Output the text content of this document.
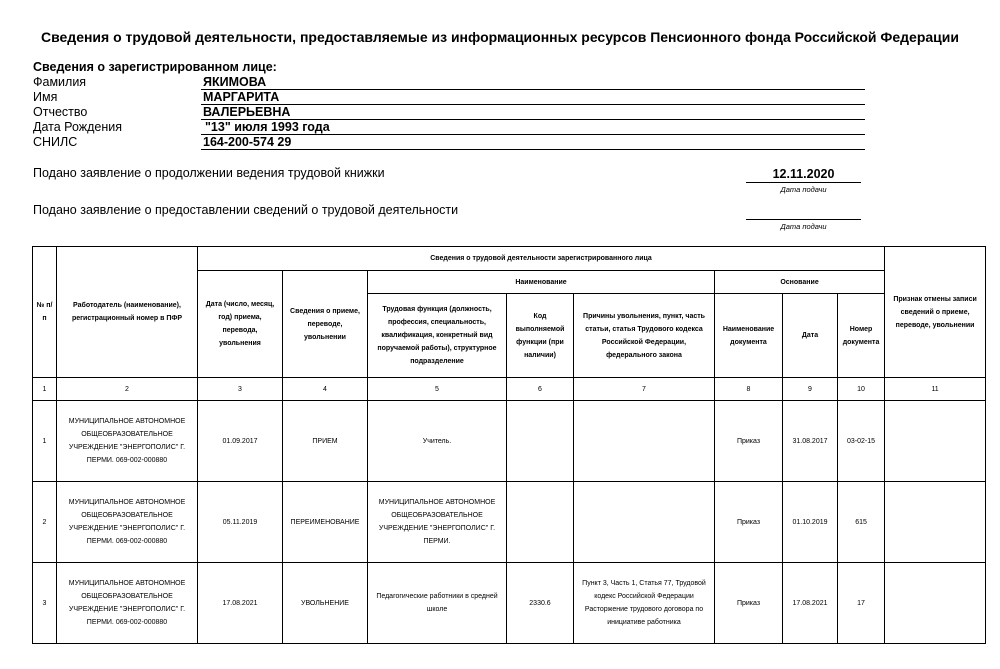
Сведения о трудовой деятельности, предоставляемые из информационных ресурсов Пенсионного фонда Российской Федерации
Сведения о зарегистрированном лице:
Фамилия	ЯКИМОВА
Имя	МАРГАРИТА
Отчество	ВАЛЕРЬЕВНА
Дата Рождения	"13" июля 1993 года
СНИЛС	164-200-574 29
Подано заявление о продолжении ведения трудовой книжки	12.11.2020
Дата подачи
Подано заявление о предоставлении сведений о трудовой деятельности
Дата подачи
№ п/п	Работодатель (наименование), регистрационный номер в ПФР	Сведения о трудовой деятельности зарегистрированного лица								Признак отмены записи сведений о приеме, переводе, увольнении
		Дата (число, месяц, год) приема, перевода, увольнения	Сведения о приеме, переводе, увольнении	Наименование			Основание			
				Трудовая функция (должность, профессия, специальность, квалификация, конкретный вид поручаемой работы), структурное подразделение	Код выполняемой функции (при наличии)	Причины увольнения, пункт, часть статьи, статья Трудового кодекса Российской Федерации, федерального закона	Наименование документа	Дата	Номер документа	
1	2	3	4	5	6	7	8	9	10	11
1	МУНИЦИПАЛЬНОЕ АВТОНОМНОЕ ОБЩЕОБРАЗОВАТЕЛЬНОЕ УЧРЕЖДЕНИЕ "ЭНЕРГОПОЛИС" Г. ПЕРМИ. 069-002-000880	01.09.2017	ПРИЕМ	Учитель.			Приказ	31.08.2017	03-02-15	
2	МУНИЦИПАЛЬНОЕ АВТОНОМНОЕ ОБЩЕОБРАЗОВАТЕЛЬНОЕ УЧРЕЖДЕНИЕ "ЭНЕРГОПОЛИС" Г. ПЕРМИ. 069-002-000880	05.11.2019	ПЕРЕИМЕНОВАНИЕ	МУНИЦИПАЛЬНОЕ АВТОНОМНОЕ ОБЩЕОБРАЗОВАТЕЛЬНОЕ УЧРЕЖДЕНИЕ "ЭНЕРГОПОЛИС" Г. ПЕРМИ.			Приказ	01.10.2019	615	
3	МУНИЦИПАЛЬНОЕ АВТОНОМНОЕ ОБЩЕОБРАЗОВАТЕЛЬНОЕ УЧРЕЖДЕНИЕ "ЭНЕРГОПОЛИС" Г. ПЕРМИ. 069-002-000880	17.08.2021	УВОЛЬНЕНИЕ	Педагогические работники в средней школе	2330.6	Пункт 3, Часть 1, Статья 77, Трудовой кодекс Российской Федерации Расторжение трудового договора по инициативе работника	Приказ	17.08.2021	17	
